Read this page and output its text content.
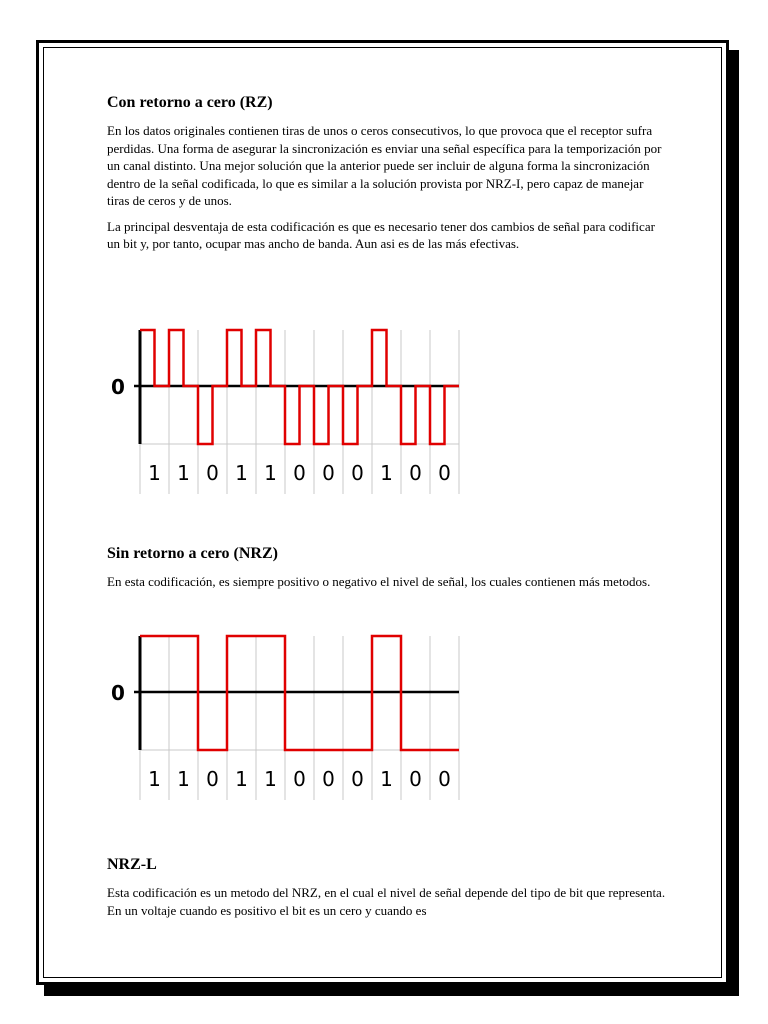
Con retorno a cero (RZ)

En los datos originales contienen tiras de unos o ceros consecutivos, lo que provoca que el receptor sufra perdidas. Una forma de asegurar la sincronización es enviar una señal específica para la temporización por un canal distinto. Una mejor solución que la anterior puede ser incluir de alguna forma la sincronización dentro de la señal codificada, lo que es similar a la solución provista por NRZ-I, pero capaz de manejar tiras de ceros y de unos.

La principal desventaja de esta codificación es que es necesario tener dos cambios de señal para codificar un bit y, por tanto, ocupar mas ancho de banda. Aun asi es de las más efectivas.

0
1 1 0 1 1 0 0 0 1 0 0
Sin retorno a cero (NRZ)

En esta codificación, es siempre positivo o negativo el nivel de señal, los cuales contienen más metodos.

0
1 1 0 1 1 0 0 0 1 0 0
NRZ-L

Esta codificación es un metodo del NRZ, en el cual el nivel de señal depende del tipo de bit que representa. En un voltaje cuando es positivo el bit es un cero y cuando es
